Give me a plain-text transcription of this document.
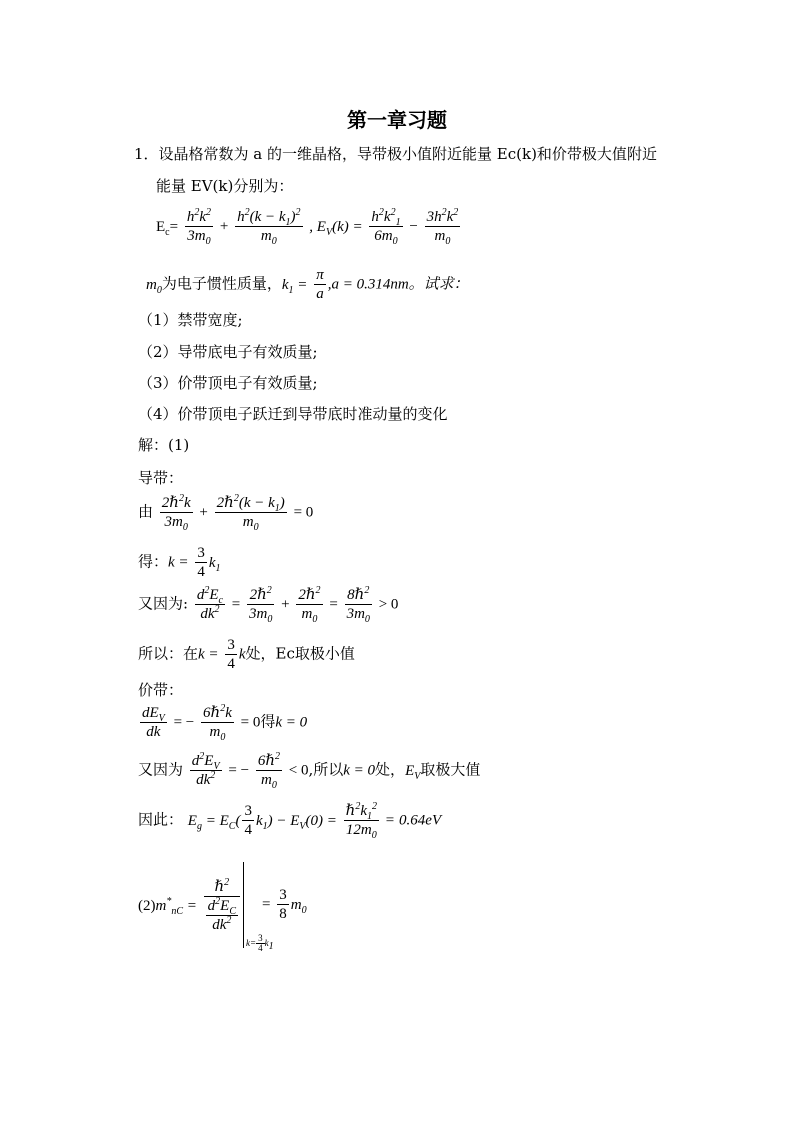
第一章习题
1．设晶格常数为 a 的一维晶格，导带极小值附近能量 Ec(k)和价带极大值附近
能量 EV(k)分别为：
$E_c= \frac{h^2k^2}{3m_0} + \frac{h^2(k - k_1)^2}{m_0}$ , $E_V(k) = \frac{h^2k^2_1}{6m_0} - \frac{3h^2k^2}{m_0}$
$m_0$为电子惯性质量，$k_1 = \frac{\pi}{a} ,a = 0.314nm$。试求：
（1）禁带宽度;
（2）导带底电子有效质量;
（3）价带顶电子有效质量;
（4）价带顶电子跃迁到导带底时准动量的变化
解：(1)
导带：
由 $\frac{2\hbar^2k}{3m_0} + \frac{2\hbar^2(k - k_1)}{m_0} = 0$
得：$k = \frac{3}{4} k_1$
又因为: $\frac{d^2E_c}{dk^2} = \frac{2\hbar^2}{3m_0} + \frac{2\hbar^2}{m_0} = \frac{8\hbar^2}{3m_0} > 0$
所以：在$k = \frac{3}{4}$ k处，Ec取极小值
价带：
$\frac{dE_V}{dk}$ = − $\frac{6\hbar^2k}{m_0} = 0$得k = 0
又因为 $\frac{d^2E_V}{dk^2}$ = − $\frac{6\hbar^2}{m_0} < 0$,所以k = 0处，$E_V$取极大值
因此： $E_g = E_C( \frac{3}{4} k_1) - E_V(0) = \frac{\hbar^2k_1^2}{12m_0} = 0.64eV$
$(2)m^*_{nC} = \frac{\hbar^2}{\frac{d^2E_C}{dk^2}}$
$k= \frac{3}{4} k_1$
= $\frac{3}{8} m_0$
